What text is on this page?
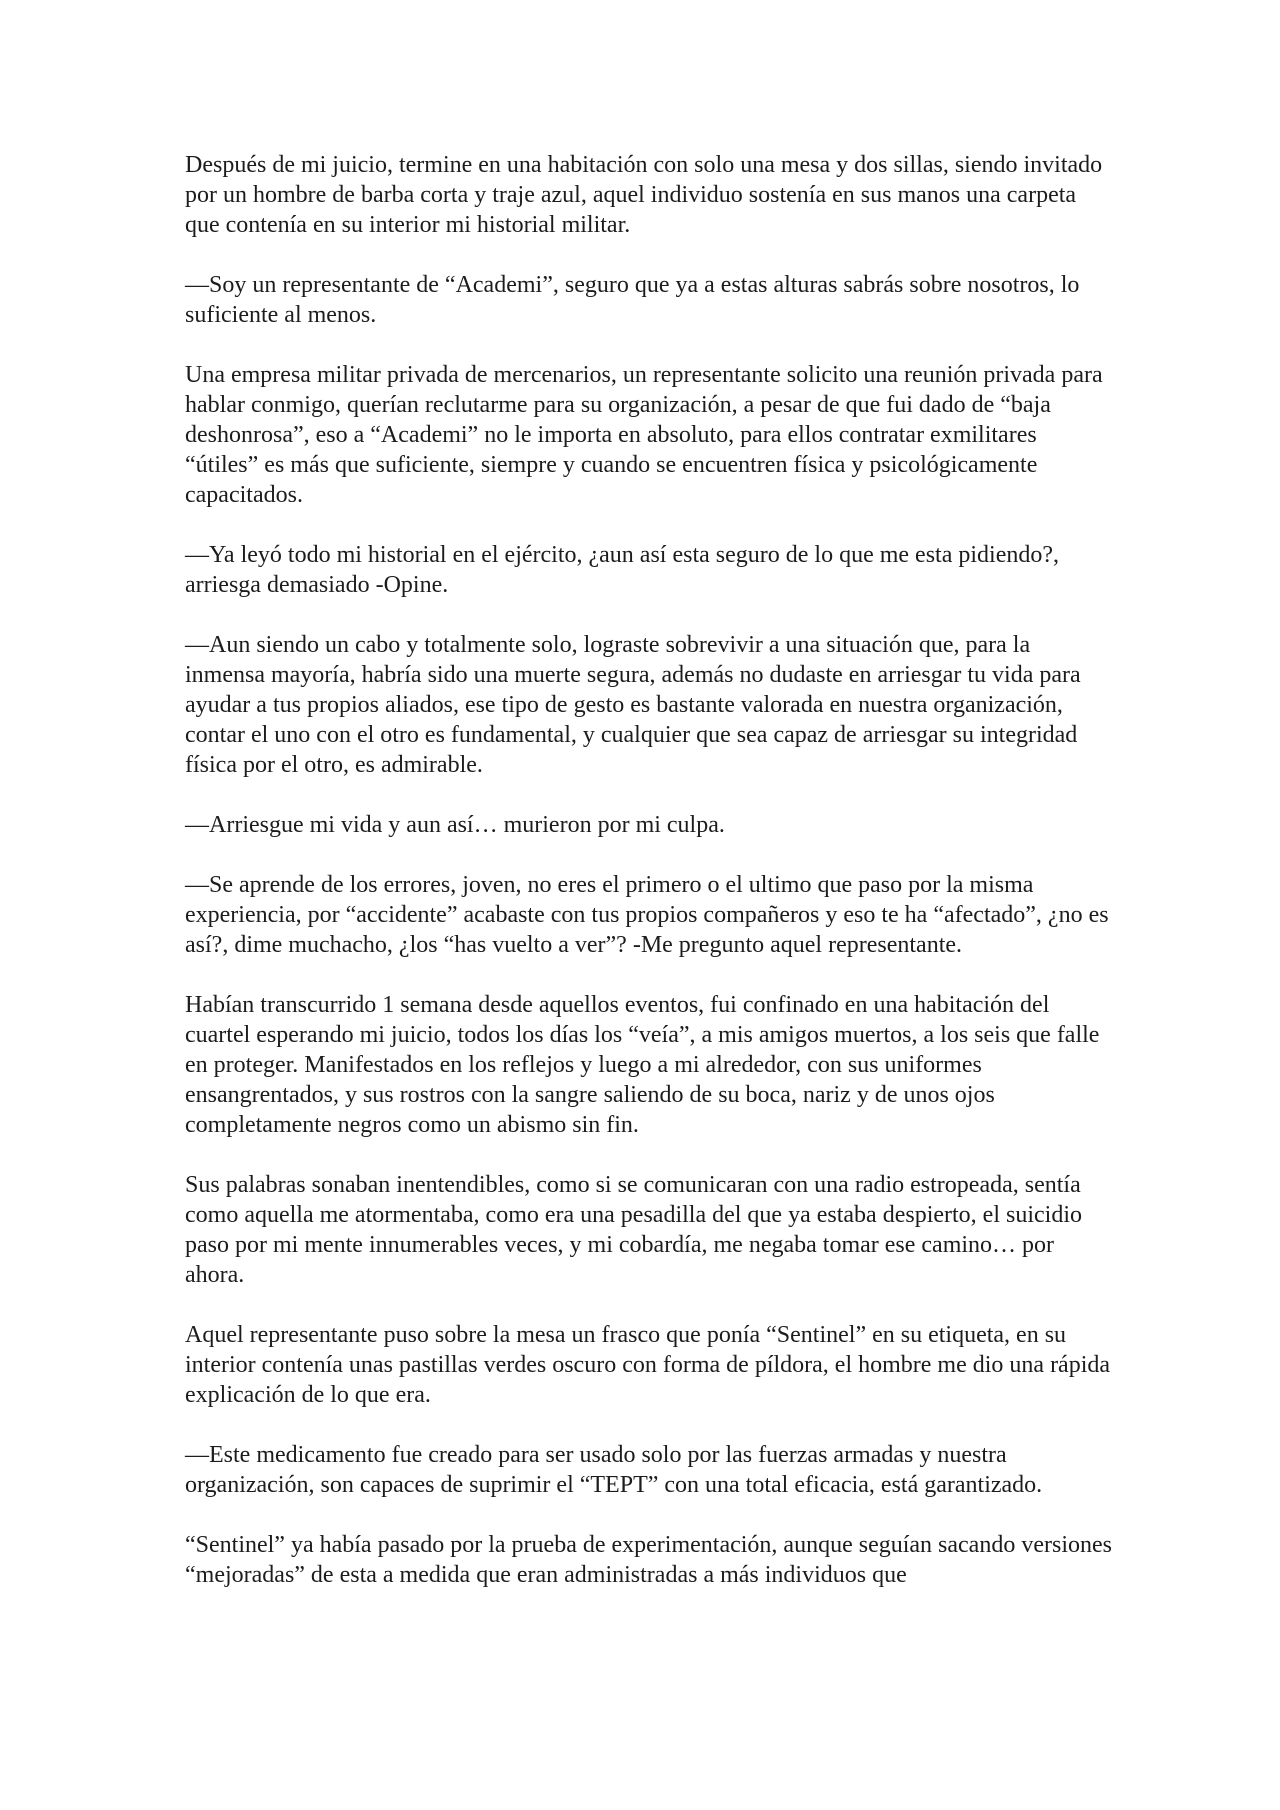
Después de mi juicio, termine en una habitación con solo una mesa y dos sillas, siendo invitado por un hombre de barba corta y traje azul, aquel individuo sostenía en sus manos una carpeta que contenía en su interior mi historial militar.

—Soy un representante de “Academi”, seguro que ya a estas alturas sabrás sobre nosotros, lo suficiente al menos.

Una empresa militar privada de mercenarios, un representante solicito una reunión privada para hablar conmigo, querían reclutarme para su organización, a pesar de que fui dado de “baja deshonrosa”, eso a “Academi” no le importa en absoluto, para ellos contratar exmilitares “útiles” es más que suficiente, siempre y cuando se encuentren física y psicológicamente capacitados.

—Ya leyó todo mi historial en el ejército, ¿aun así esta seguro de lo que me esta pidiendo?, arriesga demasiado -Opine.

—Aun siendo un cabo y totalmente solo, lograste sobrevivir a una situación que, para la inmensa mayoría, habría sido una muerte segura, además no dudaste en arriesgar tu vida para ayudar a tus propios aliados, ese tipo de gesto es bastante valorada en nuestra organización, contar el uno con el otro es fundamental, y cualquier que sea capaz de arriesgar su integridad física por el otro, es admirable.

—Arriesgue mi vida y aun así… murieron por mi culpa.

—Se aprende de los errores, joven, no eres el primero o el ultimo que paso por la misma experiencia, por “accidente” acabaste con tus propios compañeros y eso te ha “afectado”, ¿no es así?, dime muchacho, ¿los “has vuelto a ver”? -Me pregunto aquel representante.

Habían transcurrido 1 semana desde aquellos eventos, fui confinado en una habitación del cuartel esperando mi juicio, todos los días los “veía”, a mis amigos muertos, a los seis que falle en proteger. Manifestados en los reflejos y luego a mi alrededor, con sus uniformes ensangrentados, y sus rostros con la sangre saliendo de su boca, nariz y de unos ojos completamente negros como un abismo sin fin.

Sus palabras sonaban inentendibles, como si se comunicaran con una radio estropeada, sentía como aquella me atormentaba, como era una pesadilla del que ya estaba despierto, el suicidio paso por mi mente innumerables veces, y mi cobardía, me negaba tomar ese camino… por ahora.

Aquel representante puso sobre la mesa un frasco que ponía “Sentinel” en su etiqueta, en su interior contenía unas pastillas verdes oscuro con forma de píldora, el hombre me dio una rápida explicación de lo que era.

—Este medicamento fue creado para ser usado solo por las fuerzas armadas y nuestra organización, son capaces de suprimir el “TEPT” con una total eficacia, está garantizado.

“Sentinel” ya había pasado por la prueba de experimentación, aunque seguían sacando versiones “mejoradas” de esta a medida que eran administradas a más individuos que
